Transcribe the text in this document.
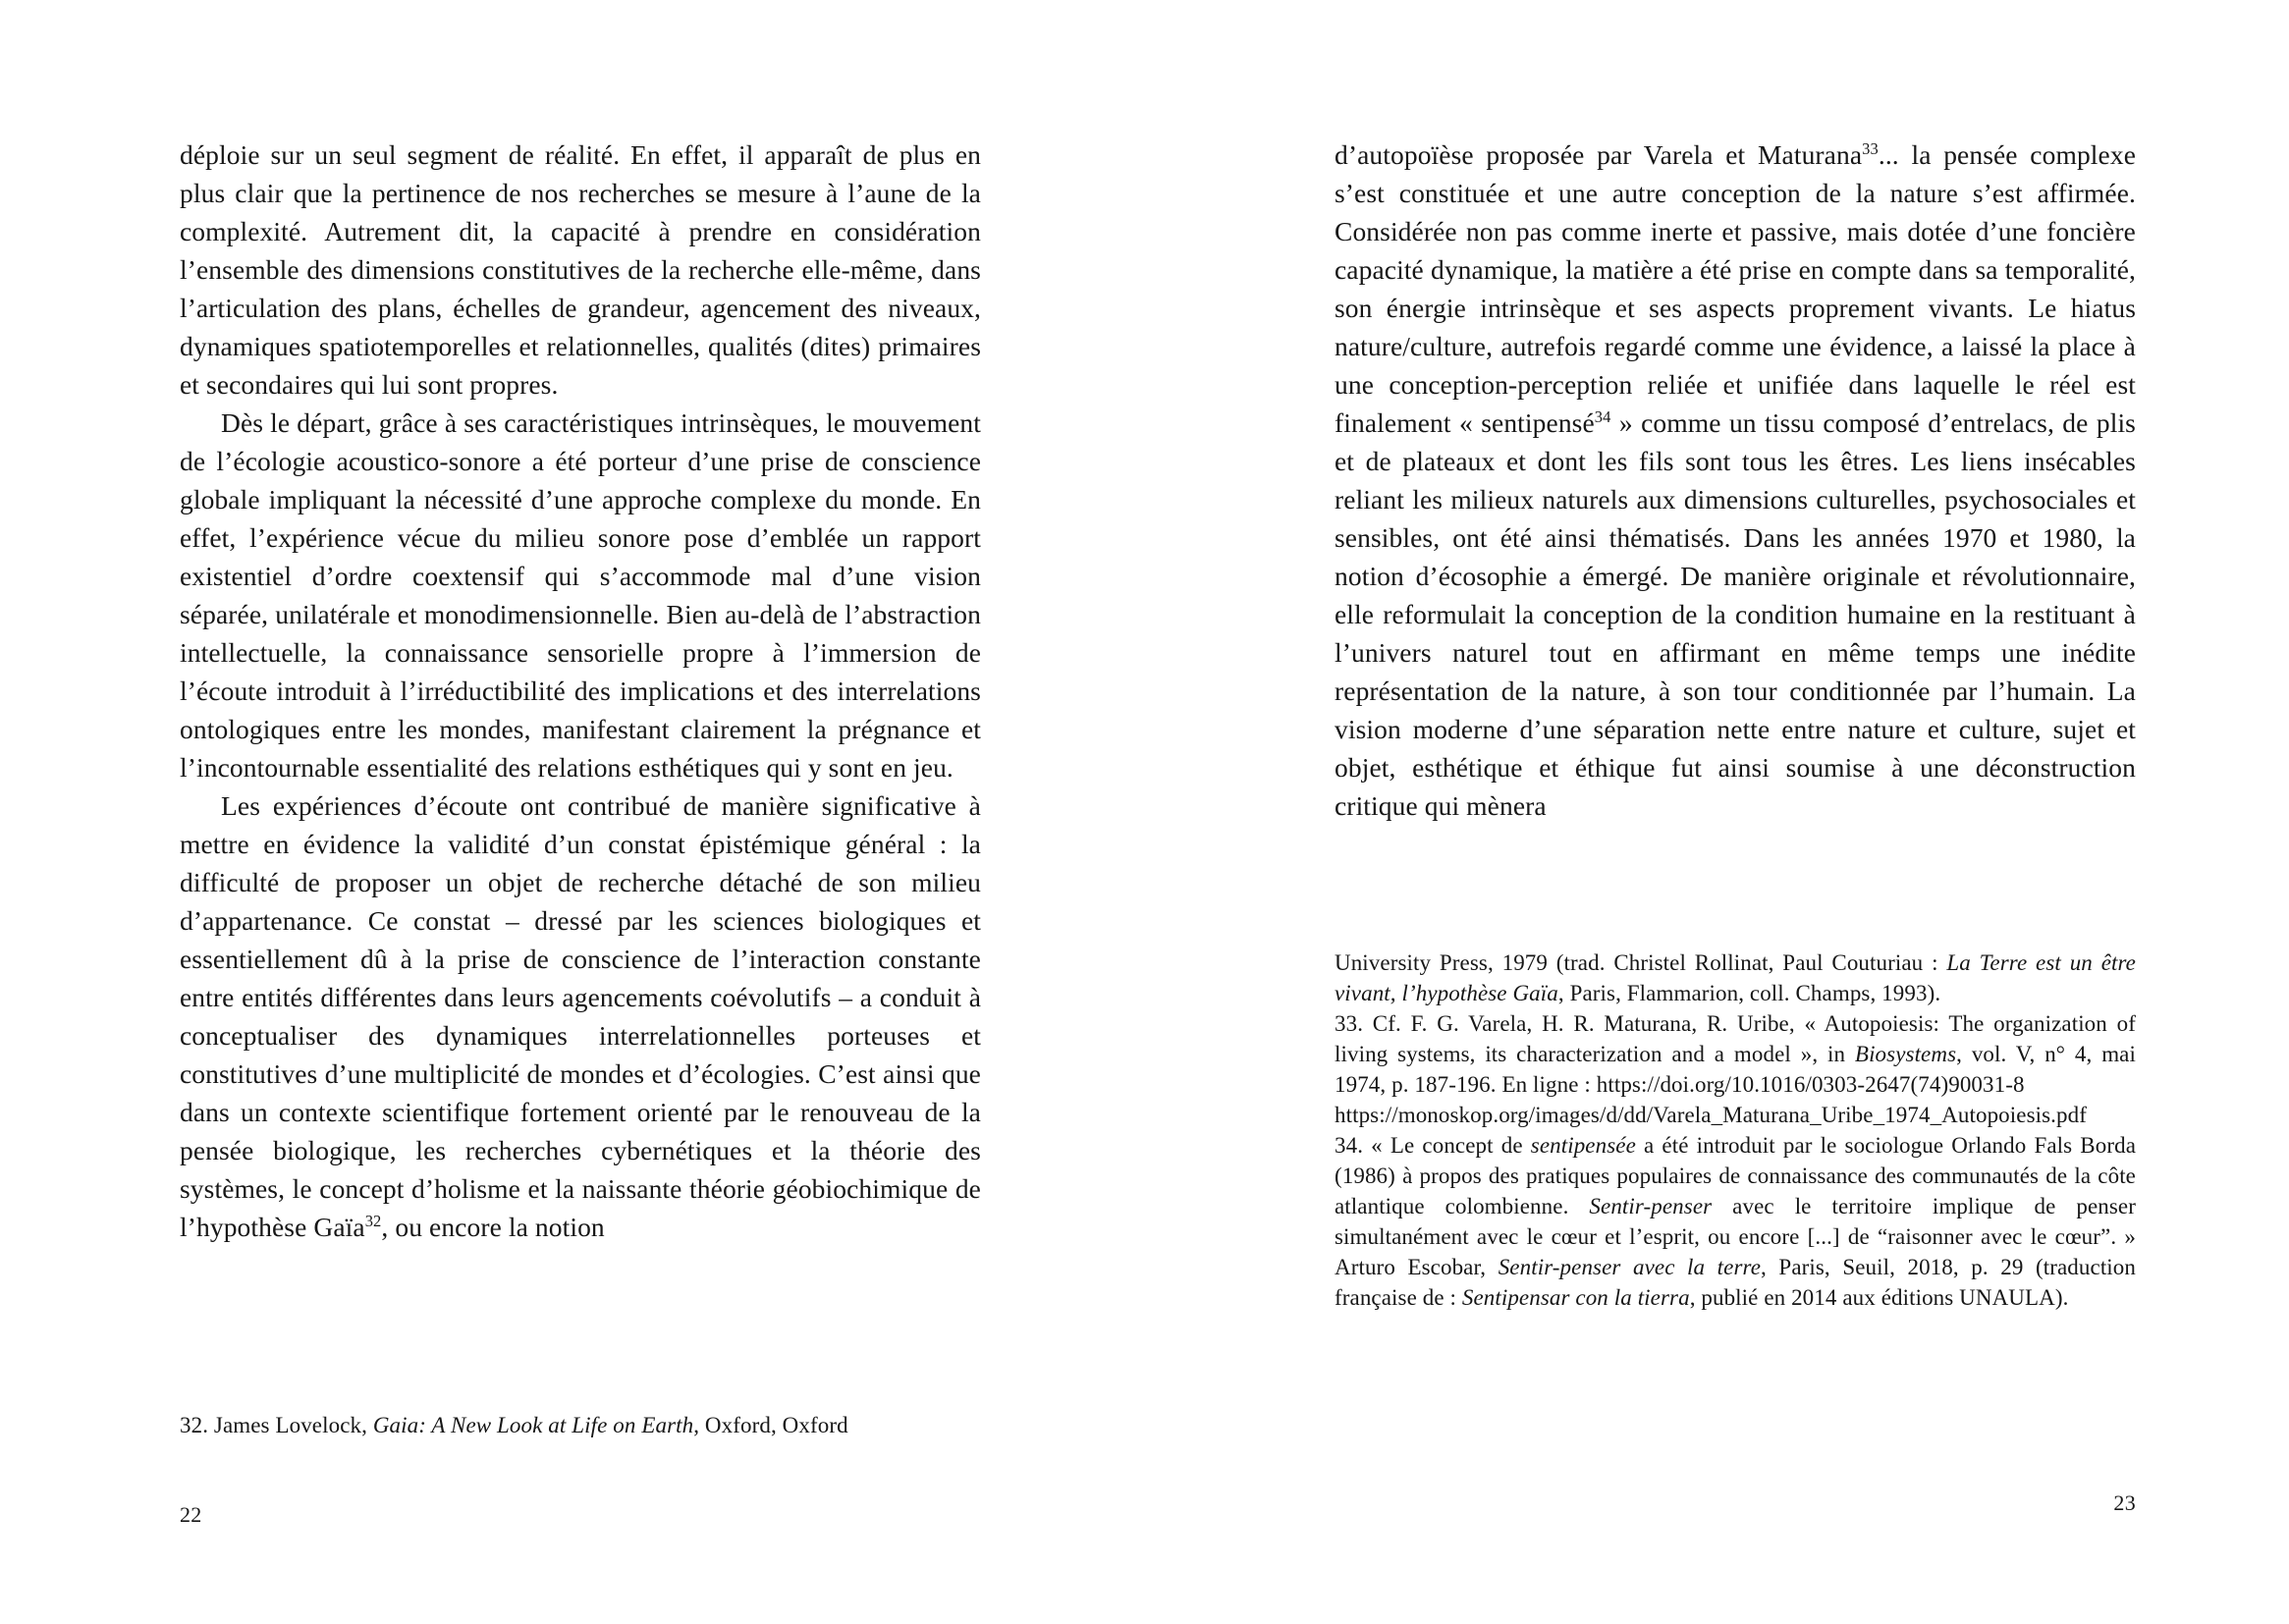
déploie sur un seul segment de réalité. En effet, il apparaît de plus en plus clair que la pertinence de nos recherches se mesure à l’aune de la complexité. Autrement dit, la capacité à prendre en considération l’ensemble des dimensions constitutives de la recherche elle-même, dans l’articulation des plans, échelles de grandeur, agencement des niveaux, dynamiques spatiotemporelles et relationnelles, qualités (dites) primaires et secondaires qui lui sont propres.

Dès le départ, grâce à ses caractéristiques intrinsèques, le mouvement de l’écologie acoustico-sonore a été porteur d’une prise de conscience globale impliquant la nécessité d’une approche complexe du monde. En effet, l’expérience vécue du milieu sonore pose d’emblée un rapport existentiel d’ordre coextensif qui s’accommode mal d’une vision séparée, unilatérale et monodimensionnelle. Bien au-delà de l’abstraction intellectuelle, la connaissance sensorielle propre à l’immersion de l’écoute introduit à l’irréductibilité des implications et des interrelations ontologiques entre les mondes, manifestant clairement la prégnance et l’incontournable essentialité des relations esthétiques qui y sont en jeu.

Les expériences d’écoute ont contribué de manière significative à mettre en évidence la validité d’un constat épistémique général : la difficulté de proposer un objet de recherche détaché de son milieu d’appartenance. Ce constat – dressé par les sciences biologiques et essentiellement dû à la prise de conscience de l’interaction constante entre entités différentes dans leurs agencements coévolutifs – a conduit à conceptualiser des dynamiques interrelationnelles porteuses et constitutives d’une multiplicité de mondes et d’écologies. C’est ainsi que dans un contexte scientifique fortement orienté par le renouveau de la pensée biologique, les recherches cybernétiques et la théorie des systèmes, le concept d’holisme et la naissante théorie géobiochimique de l’hypothèse Gaïa$^{32}$, ou encore la notion

32. James Lovelock, Gaia: A New Look at Life on Earth, Oxford, Oxford

22

d’autopoïèse proposée par Varela et Maturana$^{33}$... la pensée complexe s’est constituée et une autre conception de la nature s’est affirmée. Considérée non pas comme inerte et passive, mais dotée d’une foncière capacité dynamique, la matière a été prise en compte dans sa temporalité, son énergie intrinsèque et ses aspects proprement vivants. Le hiatus nature/culture, autrefois regardé comme une évidence, a laissé la place à une conception-perception reliée et unifiée dans laquelle le réel est finalement « sentipensé$^{34}$ » comme un tissu composé d’entrelacs, de plis et de plateaux et dont les fils sont tous les êtres. Les liens insécables reliant les milieux naturels aux dimensions culturelles, psychosociales et sensibles, ont été ainsi thématisés. Dans les années 1970 et 1980, la notion d’écosophie a émergé. De manière originale et révolutionnaire, elle reformulait la conception de la condition humaine en la restituant à l’univers naturel tout en affirmant en même temps une inédite représentation de la nature, à son tour conditionnée par l’humain. La vision moderne d’une séparation nette entre nature et culture, sujet et objet, esthétique et éthique fut ainsi soumise à une déconstruction critique qui mènera

University Press, 1979 (trad. Christel Rollinat, Paul Couturiau : La Terre est un être vivant, l’hypothèse Gaïa, Paris, Flammarion, coll. Champs, 1993).

33. Cf. F. G. Varela, H. R. Maturana, R. Uribe, « Autopoiesis: The organization of living systems, its characterization and a model », in Biosystems, vol. V, n° 4, mai 1974, p. 187-196. En ligne : https://doi.org/10.1016/0303-2647(74)90031-8

https://monoskop.org/images/d/dd/Varela_Maturana_Uribe_1974_Autopoiesis.pdf

34. « Le concept de sentipensée a été introduit par le sociologue Orlando Fals Borda (1986) à propos des pratiques populaires de connaissance des communautés de la côte atlantique colombienne. Sentir-penser avec le territoire implique de penser simultanément avec le cœur et l’esprit, ou encore [...] de “raisonner avec le cœur”. » Arturo Escobar, Sentir-penser avec la terre, Paris, Seuil, 2018, p. 29 (traduction française de : Sentipensar con la tierra, publié en 2014 aux éditions UNAULA).

23
